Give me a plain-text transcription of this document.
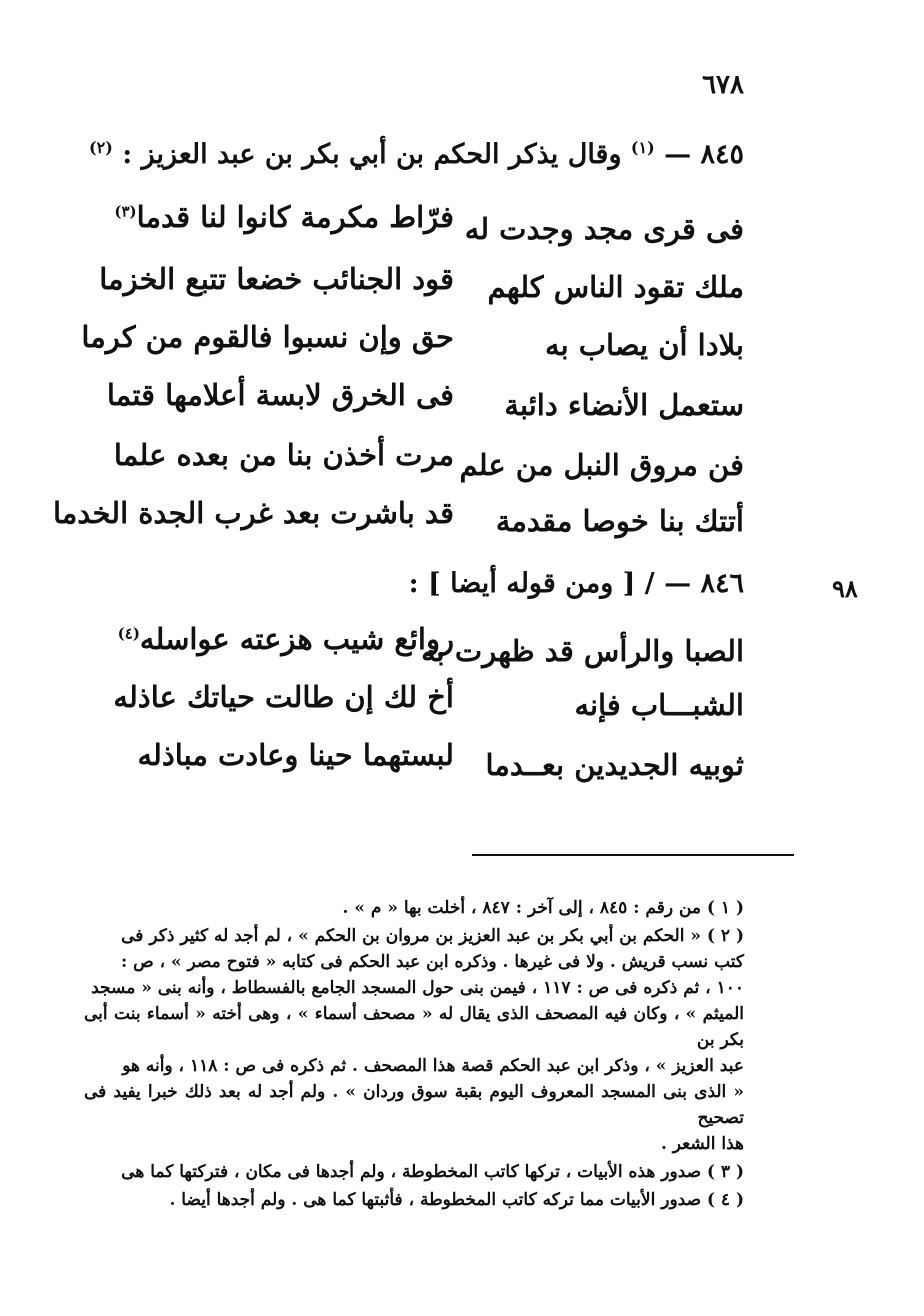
٦٧٨
٨٤٥ — $^{(١)}$ وقال يذكر الحكم بن أبي بكر بن عبد العزيز : $^{(٢)}$
فى قرى مجد وجدت له
فرّاط مكرمة كانوا لنا قدما$^{(٣)}$
ملك تقود الناس كلهم
قود الجنائب خضعا تتبع الخزما
بلادا أن يصاب به
حق وإن نسبوا فالقوم من كرما
ستعمل الأنضاء دائبة
فى الخرق لابسة أعلامها قتما
فن مروق النبل من علم
مرت أخذن بنا من بعده علما
أتتك بنا خوصا مقدمة
قد باشرت بعد غرب الجدة الخدما
٨٤٦ — / [ ومن قوله أيضا ] :	٩٨
الصبا والرأس قد ظهرت به
روائع شيب هزعته عواسله$^{(٤)}$
الشبـــاب فإنه
أخ لك إن طالت حياتك عاذله
ثوبيه الجديدين بعــدما
لبستهما حينا وعادت مباذله

( ١ ) من رقم : ٨٤٥ ، إلى آخر : ٨٤٧ ، أخلت بها « م » .

( ٢ ) « الحكم بن أبي بكر بن عبد العزيز بن مروان بن الحكم » ، لم أجد له كثير ذكر فى

كتب نسب قريش . ولا فى غيرها . وذكره ابن عبد الحكم فى كتابه « فتوح مصر » ، ص :

١٠٠ ، ثم ذكره فى ص : ١١٧ ، فيمن بنى حول المسجد الجامع بالفسطاط ، وأنه بنى « مسجد

الميثم » ، وكان فيه المصحف الذى يقال له « مصحف أسماء » ، وهى أخته « أسماء بنت أبى بكر بن

عبد العزيز » ، وذكر ابن عبد الحكم قصة هذا المصحف . ثم ذكره فى ص : ١١٨ ، وأنه هو

« الذى بنى المسجد المعروف اليوم بقبة سوق وردان » . ولم أجد له بعد ذلك خبرا يفيد فى تصحيح

هذا الشعر .

( ٣ ) صدور هذه الأبيات ، تركها كاتب المخطوطة ، ولم أجدها فى مكان ، فتركتها كما هى

( ٤ ) صدور الأبيات مما تركه كاتب المخطوطة ، فأثبتها كما هى . ولم أجدها أيضا .
